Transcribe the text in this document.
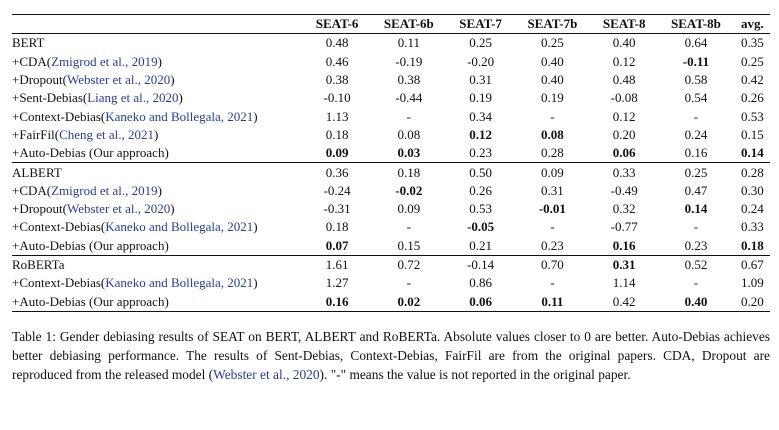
	SEAT-6	SEAT-6b	SEAT-7	SEAT-7b	SEAT-8	SEAT-8b	avg.
BERT	0.48	0.11	0.25	0.25	0.40	0.64	0.35
+CDA(Zmigrod et al., 2019)	0.46	-0.19	-0.20	0.40	0.12	-0.11	0.25
+Dropout(Webster et al., 2020)	0.38	0.38	0.31	0.40	0.48	0.58	0.42
+Sent-Debias(Liang et al., 2020)	-0.10	-0.44	0.19	0.19	-0.08	0.54	0.26
+Context-Debias(Kaneko and Bollegala, 2021)	1.13	-	0.34	-	0.12	-	0.53
+FairFil(Cheng et al., 2021)	0.18	0.08	0.12	0.08	0.20	0.24	0.15
+Auto-Debias (Our approach)	0.09	0.03	0.23	0.28	0.06	0.16	0.14
ALBERT	0.36	0.18	0.50	0.09	0.33	0.25	0.28
+CDA(Zmigrod et al., 2019)	-0.24	-0.02	0.26	0.31	-0.49	0.47	0.30
+Dropout(Webster et al., 2020)	-0.31	0.09	0.53	-0.01	0.32	0.14	0.24
+Context-Debias(Kaneko and Bollegala, 2021)	0.18	-	-0.05	-	-0.77	-	0.33
+Auto-Debias (Our approach)	0.07	0.15	0.21	0.23	0.16	0.23	0.18
RoBERTa	1.61	0.72	-0.14	0.70	0.31	0.52	0.67
+Context-Debias(Kaneko and Bollegala, 2021)	1.27	-	0.86	-	1.14	-	1.09
+Auto-Debias (Our approach)	0.16	0.02	0.06	0.11	0.42	0.40	0.20
Table 1: Gender debiasing results of SEAT on BERT, ALBERT and RoBERTa. Absolute values closer to 0 are better. Auto-Debias achieves better debiasing performance. The results of Sent-Debias, Context-Debias, FairFil are from the original papers. CDA, Dropout are reproduced from the released model (Webster et al., 2020). "-" means the value is not reported in the original paper.
